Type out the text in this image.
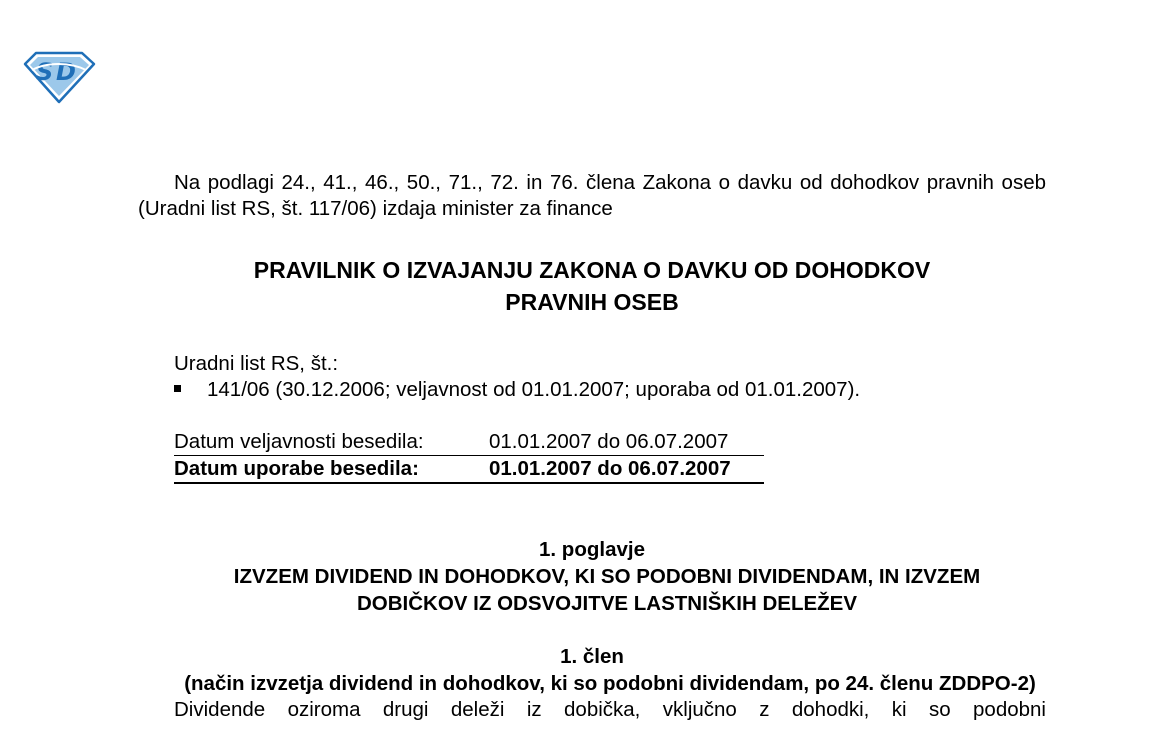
S D

Na podlagi 24., 41., 46., 50., 71., 72. in 76. člena Zakona o davku od dohodkov pravnih oseb (Uradni list RS, št. 117/06) izdaja minister za finance

PRAVILNIK O IZVAJANJU ZAKONA O DAVKU OD DOHODKOV
PRAVNIH OSEB
Uradni list RS, št.:
141/06 (30.12.2006; veljavnost od 01.01.2007; uporaba od 01.01.2007).
Datum veljavnosti besedila:	01.01.2007 do 06.07.2007
Datum uporabe besedila:	01.01.2007 do 06.07.2007
1. poglavje
IZVZEM DIVIDEND IN DOHODKOV, KI SO PODOBNI DIVIDENDAM, IN IZVZEM DOBIČKOV IZ ODSVOJITVE LASTNIŠKIH DELEŽEV
1. člen
(način izvzetja dividend in dohodkov, ki so podobni dividendam, po 24. členu ZDDPO-2)

Dividende oziroma drugi deleži iz dobička, vključno z dohodki, ki so podobni
